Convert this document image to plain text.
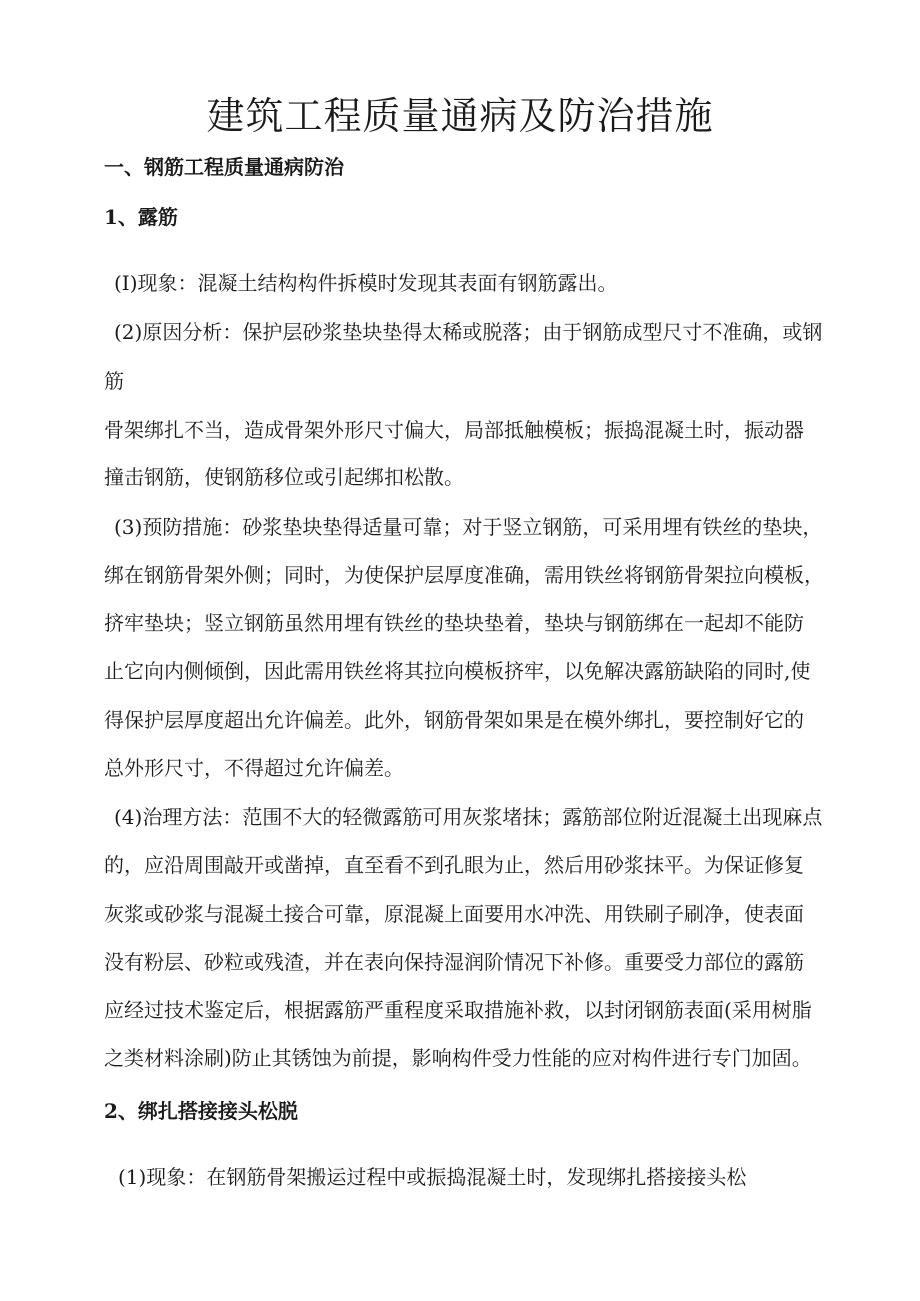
建筑工程质量通病及防治措施
一、钢筋工程质量通病防治
1、露筋

(I)现象：混凝土结构构件拆模时发现其表面有钢筋露出。

(2)原因分析：保护层砂浆垫块垫得太稀或脱落；由于钢筋成型尺寸不准确，或钢

筋

骨架绑扎不当，造成骨架外形尺寸偏大，局部抵触模板；振捣混凝土时，振动器

撞击钢筋，使钢筋移位或引起绑扣松散。

(3)预防措施：砂浆垫块垫得适量可靠；对于竖立钢筋，可采用埋有铁丝的垫块，

绑在钢筋骨架外侧；同时，为使保护层厚度准确，需用铁丝将钢筋骨架拉向模板，

挤牢垫块；竖立钢筋虽然用埋有铁丝的垫块垫着，垫块与钢筋绑在一起却不能防

止它向内侧倾倒，因此需用铁丝将其拉向模板挤牢，以免解决露筋缺陷的同时,使

得保护层厚度超出允许偏差。此外，钢筋骨架如果是在模外绑扎，要控制好它的

总外形尺寸，不得超过允许偏差。

(4)治理方法：范围不大的轻微露筋可用灰浆堵抹；露筋部位附近混凝土出现麻点

的，应沿周围敲开或凿掉，直至看不到孔眼为止，然后用砂浆抹平。为保证修复

灰浆或砂浆与混凝土接合可靠，原混凝上面要用水冲洗、用铁刷子刷净，使表面

没有粉层、砂粒或残渣，并在表向保持湿润阶情况下补修。重要受力部位的露筋

应经过技术鉴定后，根据露筋严重程度采取措施补救，以封闭钢筋表面(采用树脂

之类材料涂刷)防止其锈蚀为前提，影响构件受力性能的应对构件进行专门加固。

2、绑扎搭接接头松脱

(1)现象：在钢筋骨架搬运过程中或振捣混凝土时，发现绑扎搭接接头松
